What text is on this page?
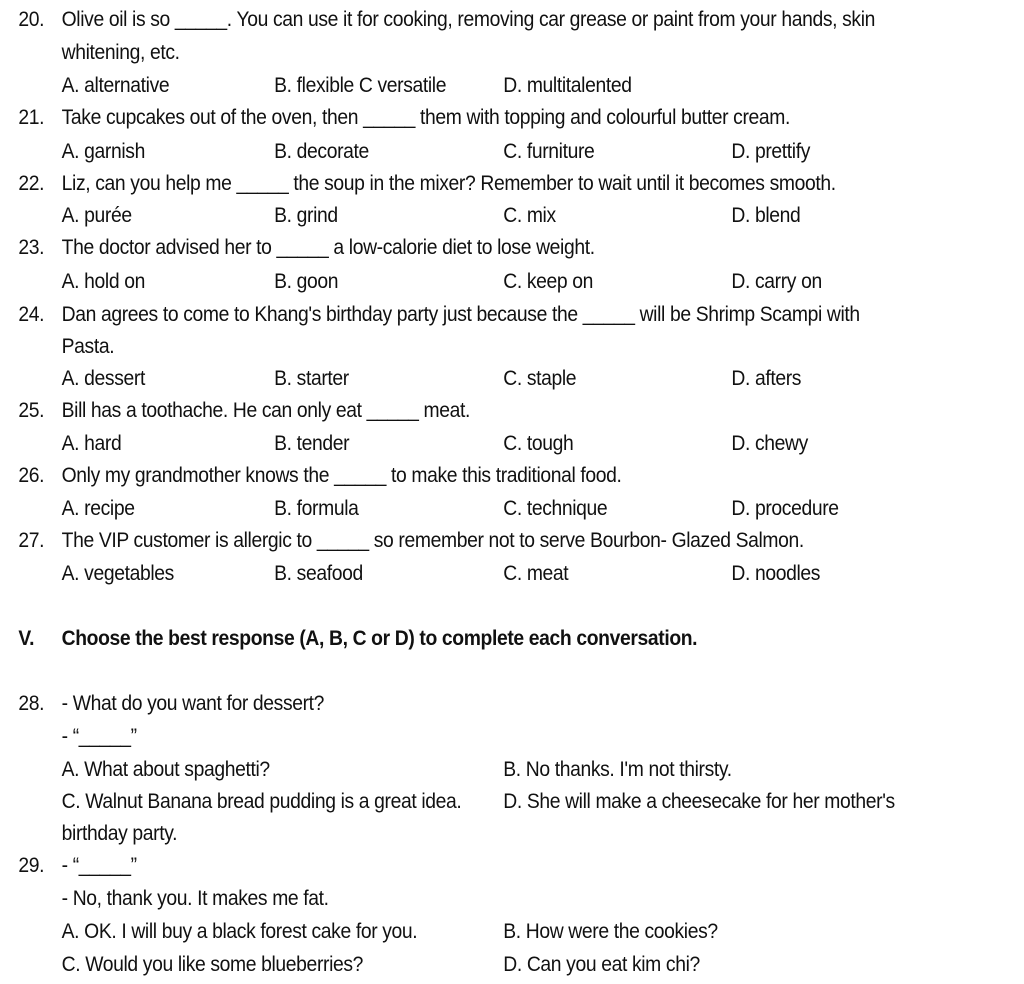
20. Olive oil is so _____. You can use it for cooking, removing car grease or paint from your hands, skin
whitening, etc.
A. alternative	B. flexible C versatile	D. multitalented
21. Take cupcakes out of the oven, then _____ them with topping and colourful butter cream.
A. garnish	B. decorate	C. furniture	D. prettify
22. Liz, can you help me _____ the soup in the mixer? Remember to wait until it becomes smooth.
A. purée	B. grind	C. mix	D. blend
23. The doctor advised her to _____ a low-calorie diet to lose weight.
A. hold on	B. goon	C. keep on	D. carry on
24. Dan agrees to come to Khang's birthday party just because the _____ will be Shrimp Scampi with
Pasta.
A. dessert	B. starter	C. staple	D. afters
25. Bill has a toothache. He can only eat _____ meat.
A. hard	B. tender	C. tough	D. chewy
26. Only my grandmother knows the _____ to make this traditional food.
A. recipe	B. formula	C. technique	D. procedure
27. The VIP customer is allergic to _____ so remember not to serve Bourbon- Glazed Salmon.
A. vegetables	B. seafood	C. meat	D. noodles
V. Choose the best response (A, B, C or D) to complete each conversation.
28. - What do you want for dessert?
- “_____”
A. What about spaghetti?	B. No thanks. I'm not thirsty.
C. Walnut Banana bread pudding is a great idea. D. She will make a cheesecake for her mother's
birthday party.
29. - “_____”
- No, thank you. It makes me fat.
A. OK. I will buy a black forest cake for you.	B. How were the cookies?
C. Would you like some blueberries?	D. Can you eat kim chi?
